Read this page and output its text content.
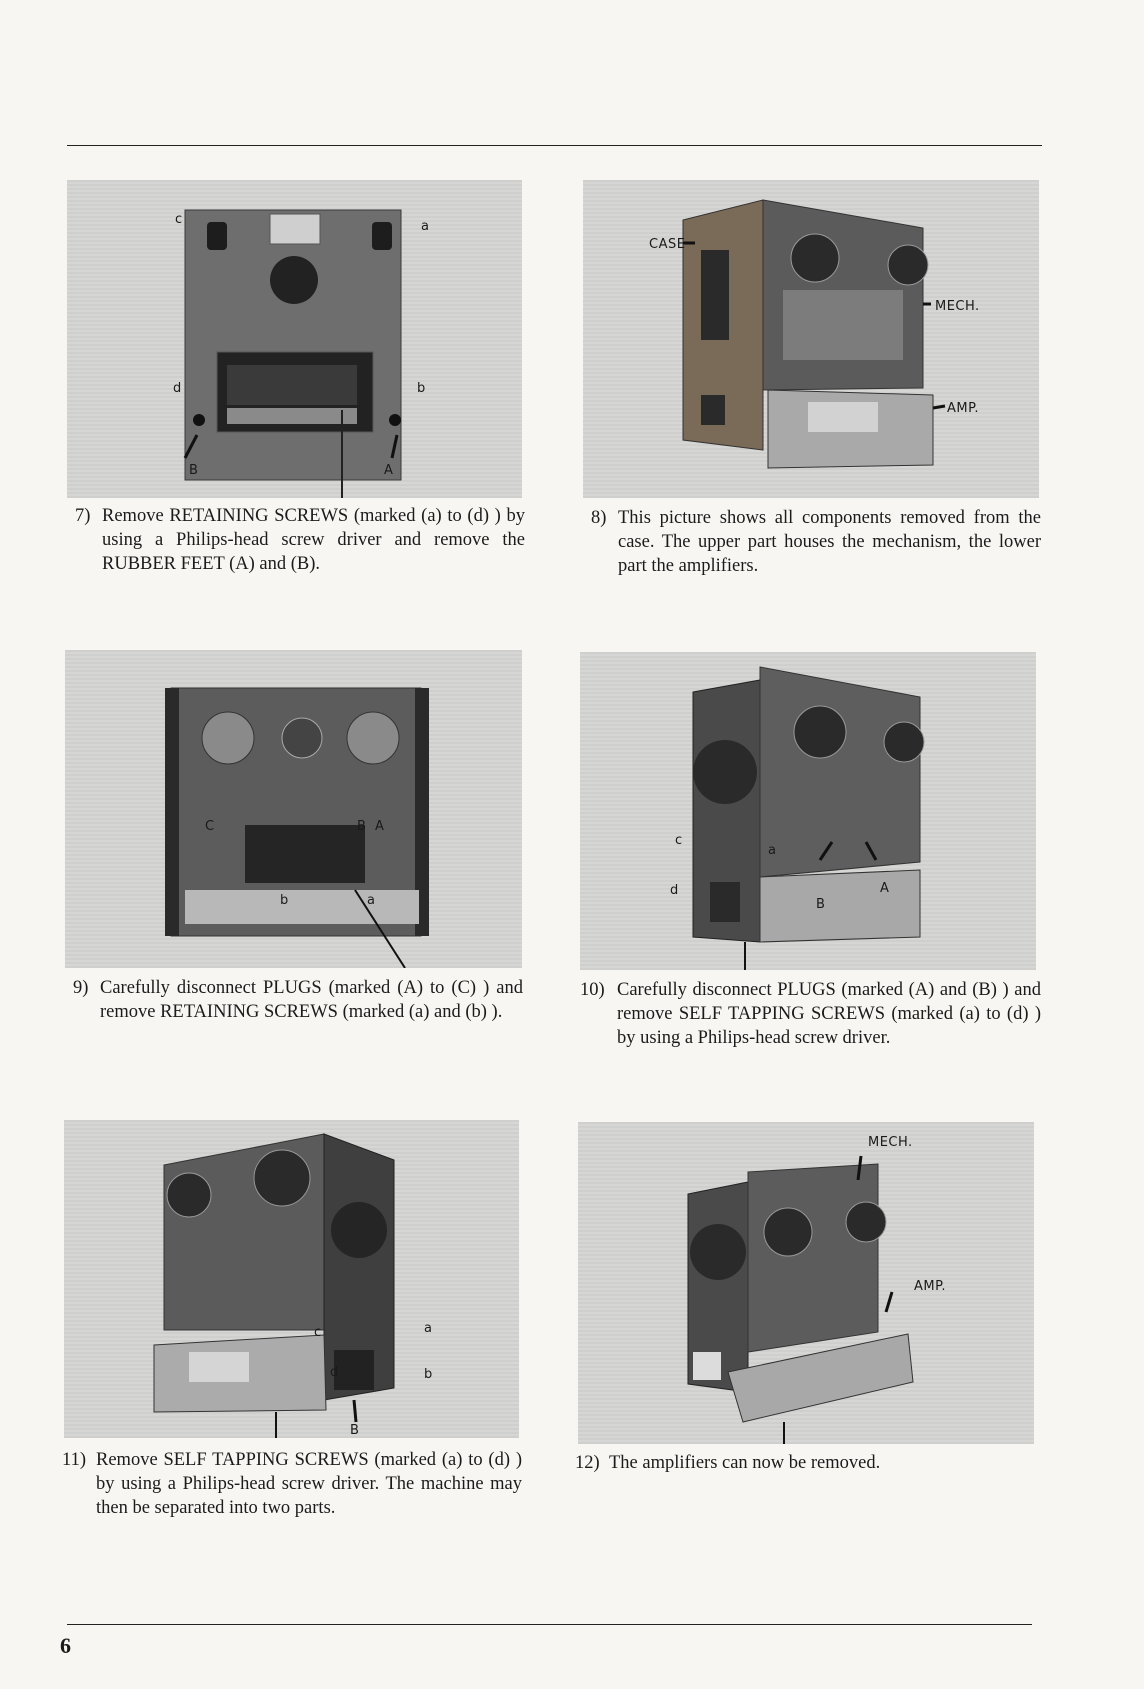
c	a
d	b
B	A
7) Remove RETAINING SCREWS (marked (a) to (d) ) by using a Philips-head screw driver and remove the RUBBER FEET (A) and (B).
CASE
MECH.
AMP.
8) This picture shows all components removed from the case. The upper part houses the mechanism, the lower part the amplifiers.
C	B A
b	a
9) Carefully disconnect PLUGS (marked (A) to (C) ) and remove RETAINING SCREWS (marked (a) and (b) ).
c
d
a
B
A
10) Carefully disconnect PLUGS (marked (A) and (B) ) and remove SELF TAPPING SCREWS (marked (a) to (d) ) by using a Philips-head screw driver.
c	a
d	b
B
11) Remove SELF TAPPING SCREWS (marked (a) to (d) ) by using a Philips-head screw driver. The machine may then be separated into two parts.
MECH.
AMP.
12) The amplifiers can now be removed.
6
